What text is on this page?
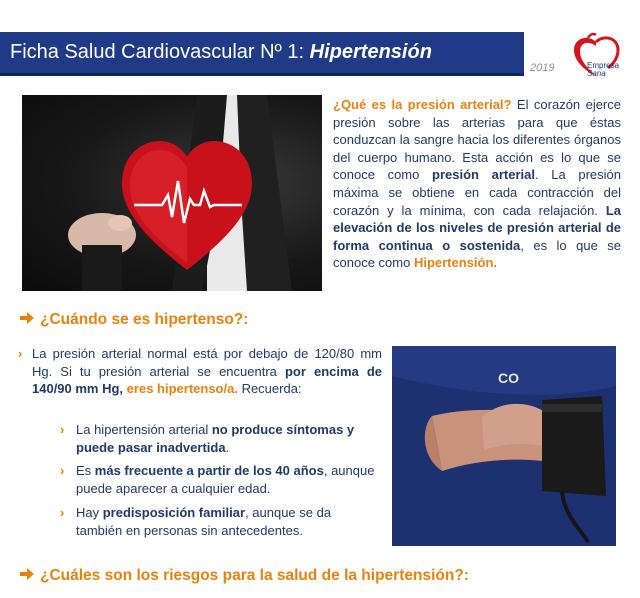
Ficha Salud Cardiovascular Nº 1: Hipertensión
2019	Empresa
Sana
¿Qué es la presión arterial? El corazón ejerce presión sobre las arterias para que éstas conduzcan la sangre hacia los diferentes órganos del cuerpo humano. Esta acción es lo que se conoce como presión arterial. La presión máxima se obtiene en cada contracción del corazón y la mínima, con cada relajación. La elevación de los niveles de presión arterial de forma continua o sostenida, es lo que se conoce como Hipertensión.
¿Cuándo se es hipertenso?:
› La presión arterial normal está por debajo de 120/80 mm Hg. Si tu presión arterial se encuentra por encima de 140/90 mm Hg, eres hipertenso/a. Recuerda:
› La hipertensión arterial no produce síntomas y puede pasar inadvertida.
› Es más frecuente a partir de los 40 años, aunque puede aparecer a cualquier edad.
› Hay predisposición familiar, aunque se da también en personas sin antecedentes.
CO
¿Cuáles son los riesgos para la salud de la hipertensión?:
